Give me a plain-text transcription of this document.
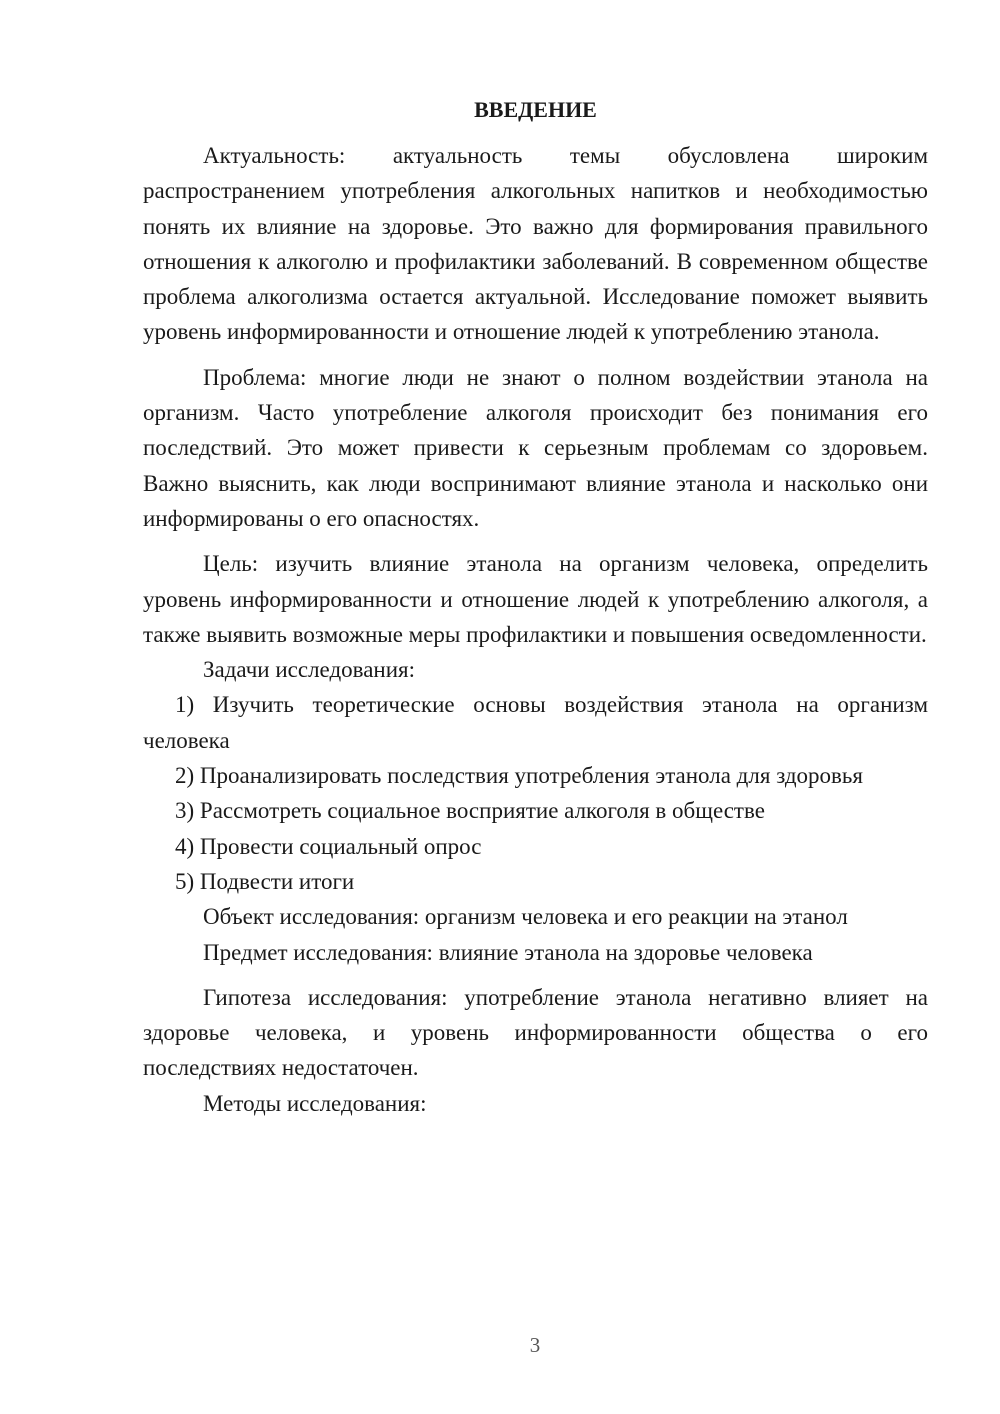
ВВЕДЕНИЕ

Актуальность: актуальность темы обусловлена широким распространением употребления алкогольных напитков и необходимостью понять их влияние на здоровье. Это важно для формирования правильного отношения к алкоголю и профилактики заболеваний. В современном обществе проблема алкоголизма остается актуальной. Исследование поможет выявить уровень информированности и отношение людей к употреблению этанола.

Проблема: многие люди не знают о полном воздействии этанола на организм. Часто употребление алкоголя происходит без понимания его последствий. Это может привести к серьезным проблемам со здоровьем. Важно выяснить, как люди воспринимают влияние этанола и насколько они информированы о его опасностях.

Цель: изучить влияние этанола на организм человека, определить уровень информированности и отношение людей к употреблению алкоголя, а также выявить возможные меры профилактики и повышения осведомленности.

Задачи исследования:

1) Изучить теоретические основы воздействия этанола на организм человека

2) Проанализировать последствия употребления этанола для здоровья

3) Рассмотреть социальное восприятие алкоголя в обществе

4) Провести социальный опрос

5) Подвести итоги

Объект исследования: организм человека и его реакции на этанол

Предмет исследования: влияние этанола на здоровье человека

Гипотеза исследования: употребление этанола негативно влияет на здоровье человека, и уровень информированности общества о его последствиях недостаточен.

Методы исследования:

3
